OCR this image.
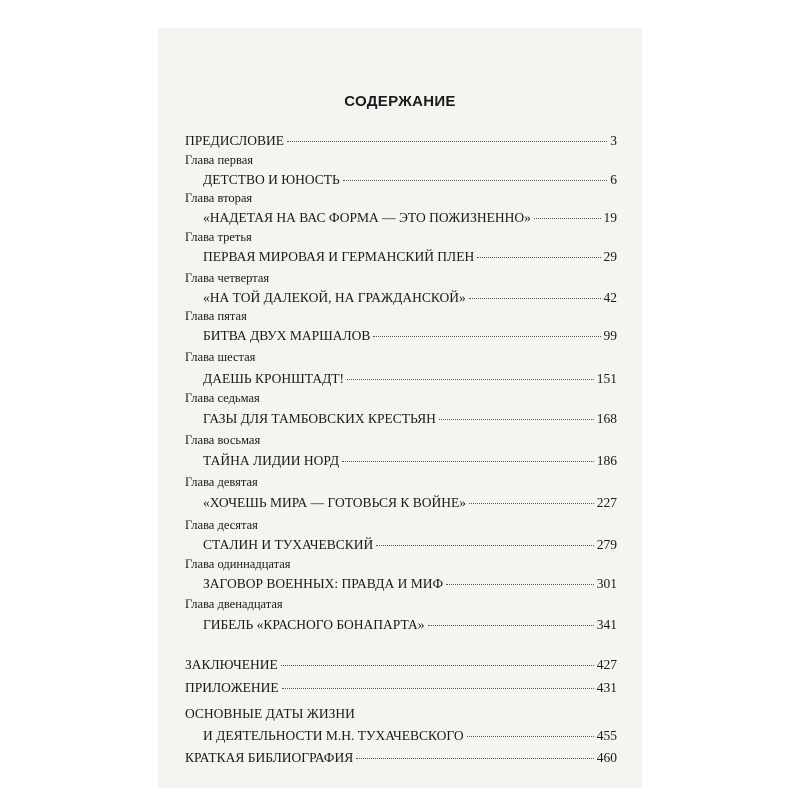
СОДЕРЖАНИЕ
ПРЕДИСЛОВИЕ	3
Глава первая
ДЕТСТВО И ЮНОСТЬ	6
Глава вторая
«НАДЕТАЯ НА ВАС ФОРМА — ЭТО ПОЖИЗНЕННО»	19
Глава третья
ПЕРВАЯ МИРОВАЯ И ГЕРМАНСКИЙ ПЛЕН	29
Глава четвертая
«НА ТОЙ ДАЛЕКОЙ, НА ГРАЖДАНСКОЙ»	42
Глава пятая
БИТВА ДВУХ МАРШАЛОВ	99
Глава шестая
ДАЕШЬ КРОНШТАДТ!	151
Глава седьмая
ГАЗЫ ДЛЯ ТАМБОВСКИХ КРЕСТЬЯН	168
Глава восьмая
ТАЙНА ЛИДИИ НОРД	186
Глава девятая
«ХОЧЕШЬ МИРА — ГОТОВЬСЯ К ВОЙНЕ»	227
Глава десятая
СТАЛИН И ТУХАЧЕВСКИЙ	279
Глава одиннадцатая
ЗАГОВОР ВОЕННЫХ: ПРАВДА И МИФ	301
Глава двенадцатая
ГИБЕЛЬ «КРАСНОГО БОНАПАРТА»	341
ЗАКЛЮЧЕНИЕ	427
ПРИЛОЖЕНИЕ	431
ОСНОВНЫЕ ДАТЫ ЖИЗНИ
И ДЕЯТЕЛЬНОСТИ М.Н. ТУХАЧЕВСКОГО	455
КРАТКАЯ БИБЛИОГРАФИЯ	460
